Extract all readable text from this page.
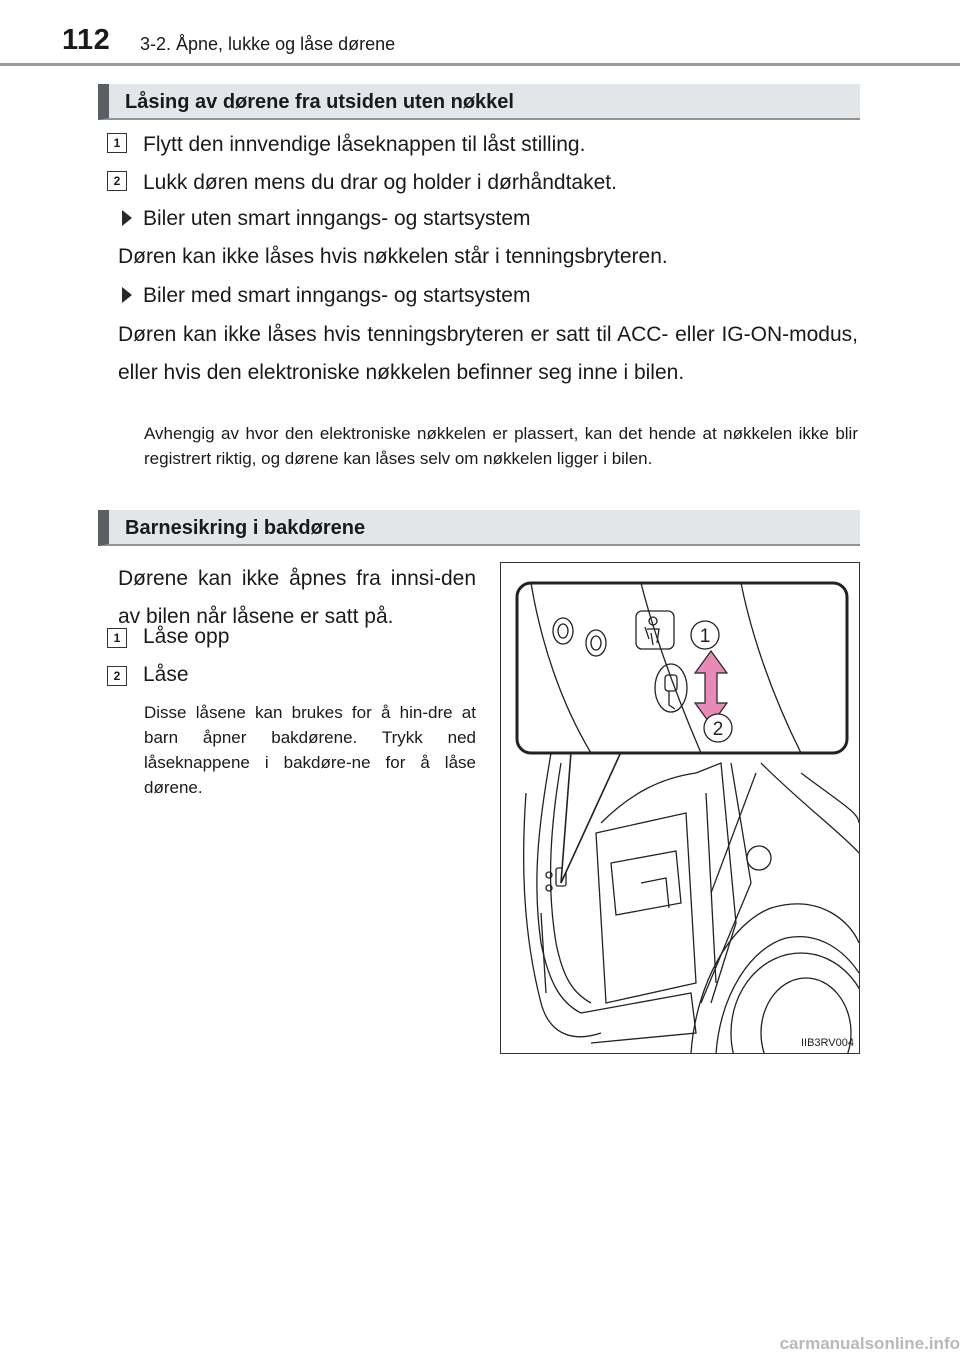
112 3-2. Åpne, lukke og låse dørene
Låsing av dørene fra utsiden uten nøkkel
1	Flytt den innvendige låseknappen til låst stilling.
2	Lukk døren mens du drar og holder i dørhåndtaket.
Biler uten smart inngangs- og startsystem
Døren kan ikke låses hvis nøkkelen står i tenningsbryteren.
Biler med smart inngangs- og startsystem
Døren kan ikke låses hvis tenningsbryteren er satt til ACC- eller IG-ON-modus, eller hvis den elektroniske nøkkelen befinner seg inne i bilen.
Avhengig av hvor den elektroniske nøkkelen er plassert, kan det hende at nøkkelen ikke blir registrert riktig, og dørene kan låses selv om nøkkelen ligger i bilen.
Barnesikring i bakdørene
Dørene kan ikke åpnes fra innsi-den av bilen når låsene er satt på.
1	Låse opp
2	Låse
Disse låsene kan brukes for å hin-dre at barn åpner bakdørene. Trykk ned låseknappene i bakdøre-ne for å låse dørene.
1
2
IIB3RV004
carmanualsonline.info
